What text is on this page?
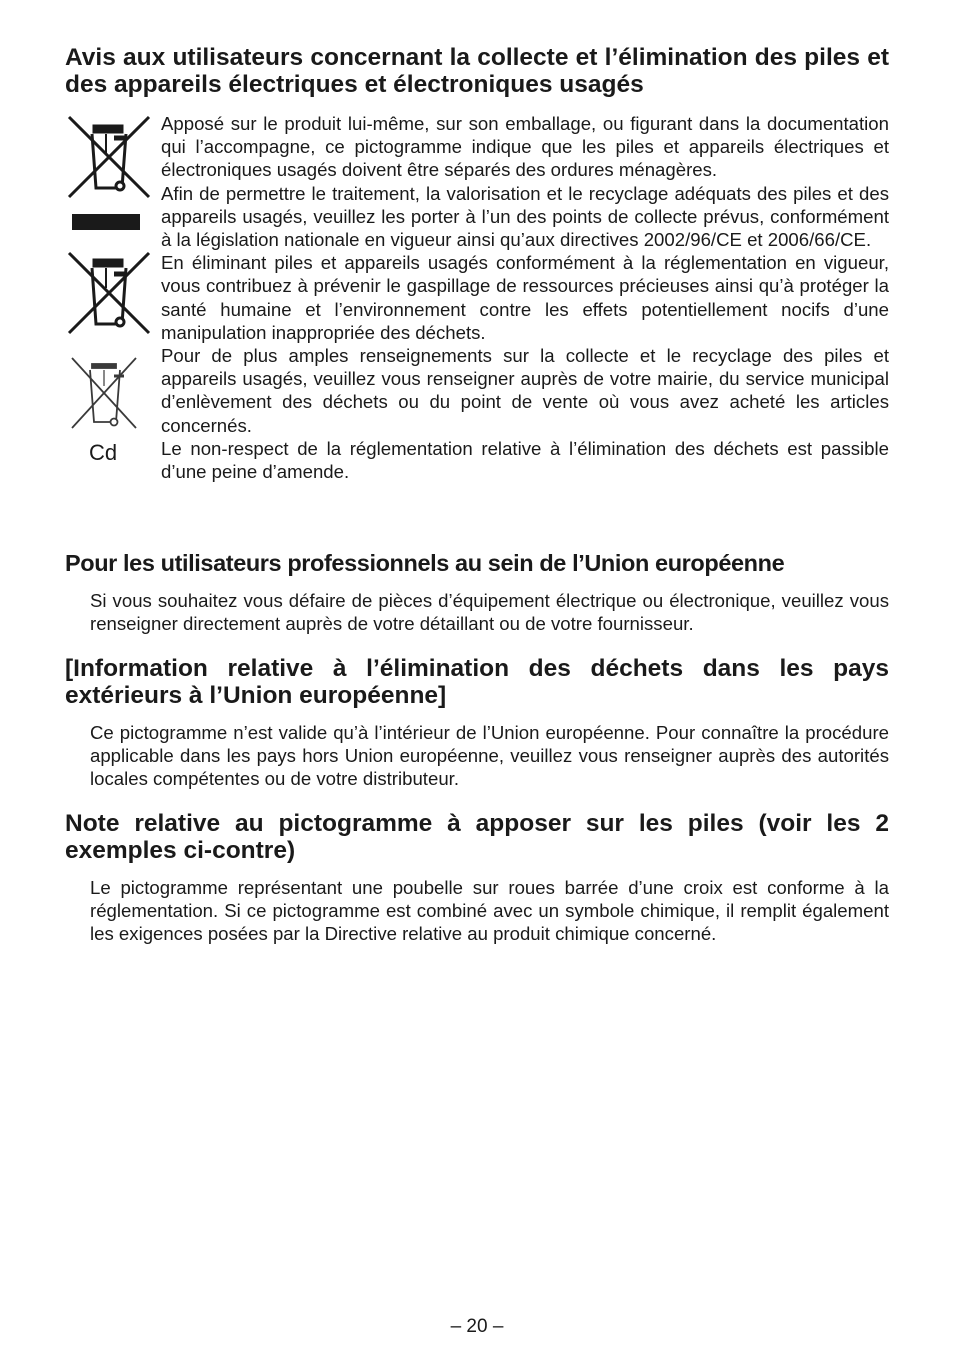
Avis aux utilisateurs concernant la collecte et l’élimination des piles et des appareils électriques et électroniques usagés
Cd

Apposé sur le produit lui-même, sur son emballage, ou figurant dans la documentation qui l’accompagne, ce pictogramme indique que les piles et appareils électriques et électroniques usagés doivent être séparés des ordures ménagères.

Afin de permettre le traitement, la valorisation et le recyclage adéquats des piles et des appareils usagés, veuillez les porter à l’un des points de collecte prévus, conformément à la législation nationale en vigueur ainsi qu’aux directives 2002/96/CE et 2006/66/CE.

En éliminant piles et appareils usagés conformément à la réglementation en vigueur, vous contribuez à prévenir le gaspillage de ressources précieuses ainsi qu’à protéger la santé humaine et l’environnement contre les effets potentiellement nocifs d’une manipulation inappropriée des déchets.

Pour de plus amples renseignements sur la collecte et le recyclage des piles et appareils usagés, veuillez vous renseigner auprès de votre mairie, du service municipal d’enlèvement des déchets ou du point de vente où vous avez acheté les articles concernés.

Le non-respect de la réglementation relative à l’élimination des déchets est passible d’une peine d’amende.

Pour les utilisateurs professionnels au sein de l’Union européenne

Si vous souhaitez vous défaire de pièces d’équipement électrique ou électronique, veuillez vous renseigner directement auprès de votre détaillant ou de votre fournisseur.

[Information relative à l’élimination des déchets dans les pays extérieurs à l’Union européenne]

Ce pictogramme n’est valide qu’à l’intérieur de l’Union européenne. Pour connaître la procédure applicable dans les pays hors Union européenne, veuillez vous renseigner auprès des autorités locales compétentes ou de votre distributeur.

Note relative au pictogramme à apposer sur les piles (voir les 2 exemples ci-contre)

Le pictogramme représentant une poubelle sur roues barrée d’une croix est conforme à la réglementation. Si ce pictogramme est combiné avec un symbole chimique, il remplit également les exigences posées par la Directive relative au produit chimique concerné.

– 20 –
